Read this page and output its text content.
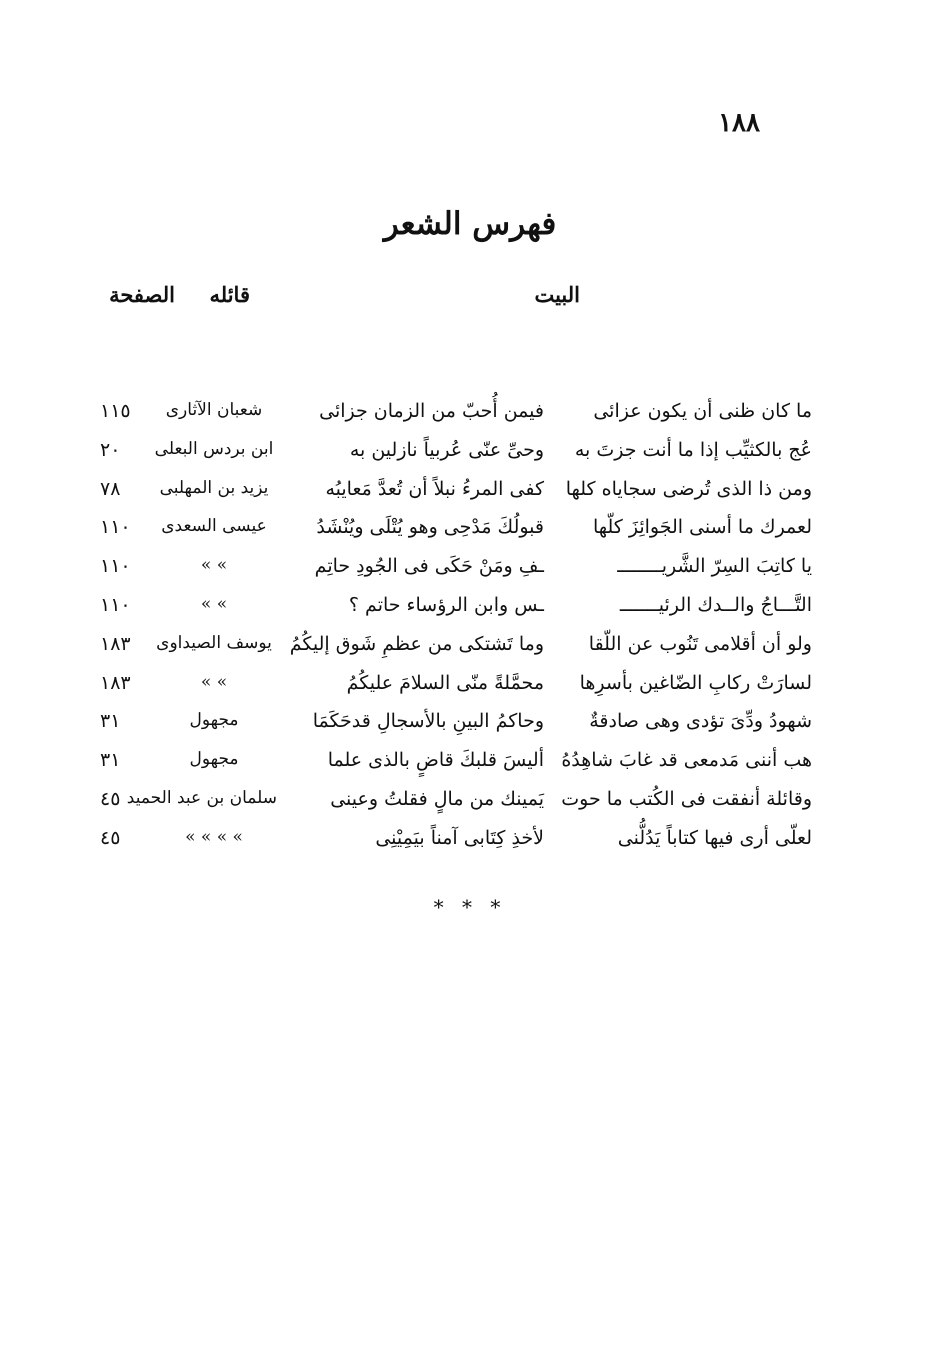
١٨٨
فهرس الشعر
البيت
قائله
الصفحة
ما كان ظنى أن يكون عزائى
فيمن أُحبّ من الزمان جزائى
شعبان الآثارى
١١٥
عُج بالكثيِّب إذا ما أنت جزتَ به
وحىِّ عنّى عُربياً نازلين به
ابن بردس البعلى
٢٠
ومن ذا الذى تُرضى سجاياه كلها
كفى المرءُ نبلاً أن تُعدَّ مَعايبُه
يزيد بن المهلبى
٧٨
لعمرك ما أسنى الجَوائِزَ كلّها
قبولُكَ مَدْحِى وهو يُتْلَى ويُنْشَدُ
عيسى السعدى
١١٠
يا كاتِبَ السِرّ الشَّريــــــــ
ـفِ ومَنْ حَكَى فى الجُودِ حاتِم
» »
١١٠
التَّـــاجُ والــدك الرئيـــــــ
ـس وابن الرؤساء حاتم ؟
» »
١١٠
ولو أن أقلامى تَنُوب عن اللّقا
وما تَشتكى من عظمِ شَوق إليكُمُ
يوسف الصيداوى
١٨٣
لسارَتْ ركابِ الضّاغين بأسرِها
محمَّلةً منّى السلامَ عليكُمُ
» »
١٨٣
شهودُ ودِّىَ تؤدى وهى صادقةٌ
وحاكمُ البينِ بالأسجالِ قدحَكَمَا
مجهول
٣١
هب أننى مَدمعى قد غابَ شاهِدُهُ
أليسَ قلبكَ قاضٍ بالذى علما
مجهول
٣١
وقائلة أنفقت فى الكُتب ما حوت
يَمينك من مالٍ فقلتُ وعينى
سلمان بن عبد الحميد
٤٥
لعلّى أرى فيها كتاباً يَدُلُّنى
لأخذِ كِتَابى آمناً بيَمِيْنِى
» » » »
٤٥
* * *
